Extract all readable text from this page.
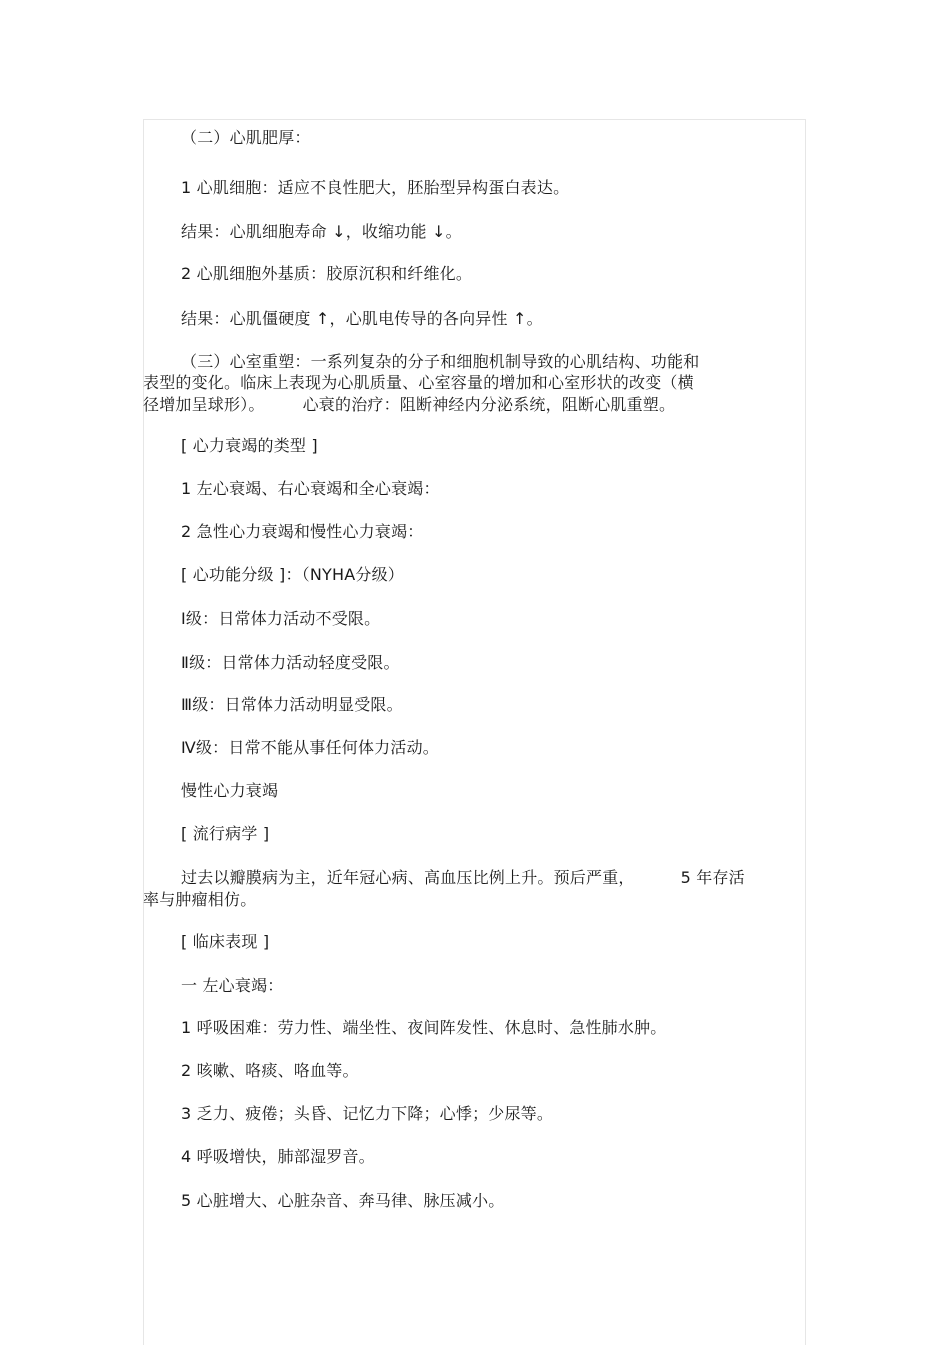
（二）心肌肥厚：
1 心肌细胞：适应不良性肥大，胚胎型异构蛋白表达。
结果：心肌细胞寿命 ↓，收缩功能 ↓。
2 心肌细胞外基质：胶原沉积和纤维化。
结果：心肌僵硬度 ↑，心肌电传导的各向异性 ↑。
（三）心室重塑：一系列复杂的分子和细胞机制导致的心肌结构、功能和
表型的变化。临床上表现为心肌质量、心室容量的增加和心室形状的改变（横
径增加呈球形）。 心衰的治疗：阻断神经内分泌系统，阻断心肌重塑。
[ 心力衰竭的类型 ]
1 左心衰竭、右心衰竭和全心衰竭：
2 急性心力衰竭和慢性心力衰竭：
[ 心功能分级 ]：（NYHA分级）
Ⅰ级：日常体力活动不受限。
Ⅱ级：日常体力活动轻度受限。
Ⅲ级：日常体力活动明显受限。
Ⅳ级：日常不能从事任何体力活动。
慢性心力衰竭
[ 流行病学 ]
过去以瓣膜病为主，近年冠心病、高血压比例上升。预后严重，	5 年存活
率与肿瘤相仿。
[ 临床表现 ]
一 左心衰竭：
1 呼吸困难：劳力性、端坐性、夜间阵发性、休息时、急性肺水肿。
2 咳嗽、咯痰、咯血等。
3 乏力、疲倦；头昏、记忆力下降；心悸；少尿等。
4 呼吸增快，肺部湿罗音。
5 心脏增大、心脏杂音、奔马律、脉压减小。
